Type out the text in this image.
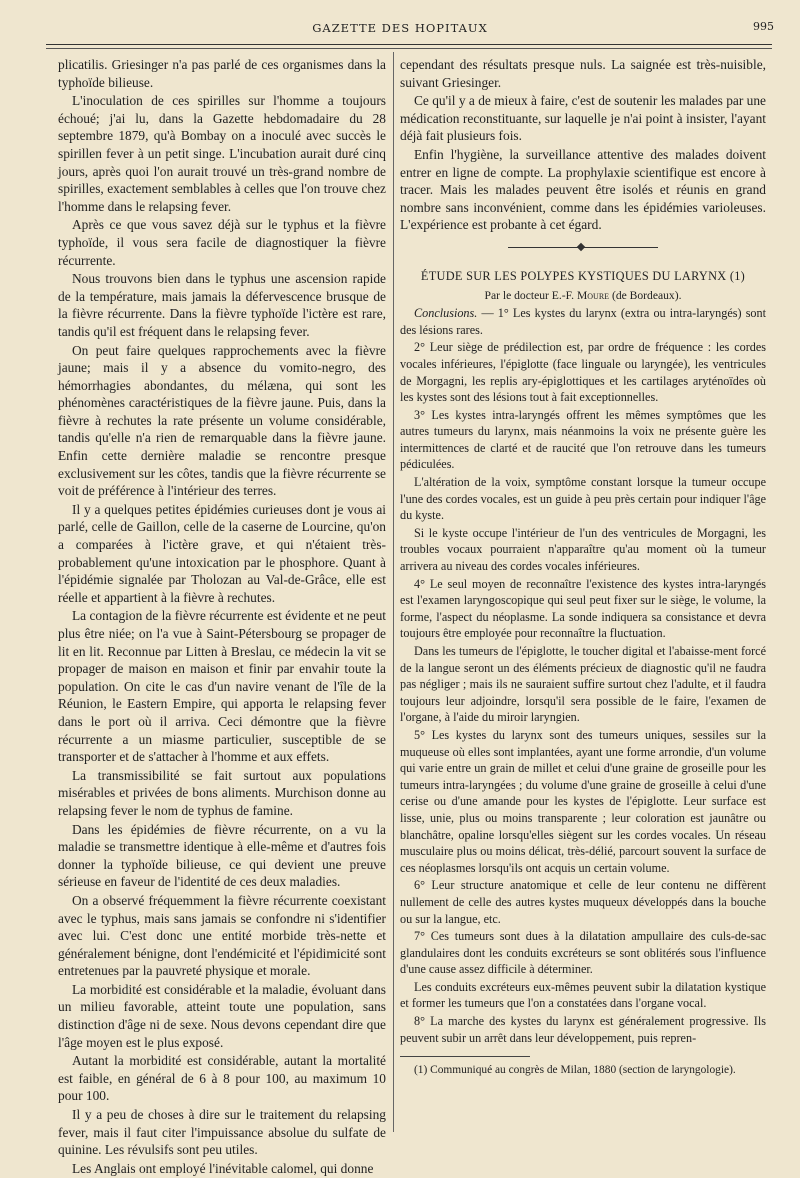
GAZETTE DES HOPITAUX	995

plicatilis. Griesinger n'a pas parlé de ces organismes dans la typhoïde bilieuse.

L'inoculation de ces spirilles sur l'homme a toujours échoué; j'ai lu, dans la Gazette hebdomadaire du 28 septembre 1879, qu'à Bombay on a inoculé avec succès le spirillen fever à un petit singe. L'incubation aurait duré cinq jours, après quoi l'on aurait trouvé un très-grand nombre de spirilles, exactement semblables à celles que l'on trouve chez l'homme dans le relapsing fever.

Après ce que vous savez déjà sur le typhus et la fièvre typhoïde, il vous sera facile de diagnostiquer la fièvre récurrente.

Nous trouvons bien dans le typhus une ascension rapide de la température, mais jamais la défervescence brusque de la fièvre récurrente. Dans la fièvre typhoïde l'ictère est rare, tandis qu'il est fréquent dans le relapsing fever.

On peut faire quelques rapprochements avec la fièvre jaune; mais il y a absence du vomito-negro, des hémorrhagies abondantes, du mélæna, qui sont les phénomènes caractéristiques de la fièvre jaune. Puis, dans la fièvre à rechutes la rate présente un volume considérable, tandis qu'elle n'a rien de remarquable dans la fièvre jaune. Enfin cette dernière maladie se rencontre presque exclusivement sur les côtes, tandis que la fièvre récurrente se voit de préférence à l'intérieur des terres.

Il y a quelques petites épidémies curieuses dont je vous ai parlé, celle de Gaillon, celle de la caserne de Lourcine, qu'on a comparées à l'ictère grave, et qui n'étaient très-probablement qu'une intoxication par le phosphore. Quant à l'épidémie signalée par Tholozan au Val-de-Grâce, elle est réelle et appartient à la fièvre à rechutes.

La contagion de la fièvre récurrente est évidente et ne peut plus être niée; on l'a vue à Saint-Pétersbourg se propager de lit en lit. Reconnue par Litten à Breslau, ce médecin la vit se propager de maison en maison et finir par envahir toute la population. On cite le cas d'un navire venant de l'île de la Réunion, le Eastern Empire, qui apporta le relapsing fever dans le port où il arriva. Ceci démontre que la fièvre récurrente a un miasme particulier, susceptible de se transporter et de s'attacher à l'homme et aux effets.

La transmissibilité se fait surtout aux populations misérables et privées de bons aliments. Murchison donne au relapsing fever le nom de typhus de famine.

Dans les épidémies de fièvre récurrente, on a vu la maladie se transmettre identique à elle-même et d'autres fois donner la typhoïde bilieuse, ce qui devient une preuve sérieuse en faveur de l'identité de ces deux maladies.

On a observé fréquemment la fièvre récurrente coexistant avec le typhus, mais sans jamais se confondre ni s'identifier avec lui. C'est donc une entité morbide très-nette et généralement bénigne, dont l'endémicité et l'épidimicité sont entretenues par la pauvreté physique et morale.

La morbidité est considérable et la maladie, évoluant dans un milieu favorable, atteint toute une population, sans distinction d'âge ni de sexe. Nous devons cependant dire que l'âge moyen est le plus exposé.

Autant la morbidité est considérable, autant la mortalité est faible, en général de 6 à 8 pour 100, au maximum 10 pour 100.

Il y a peu de choses à dire sur le traitement du relapsing fever, mais il faut citer l'impuissance absolue du sulfate de quinine. Les révulsifs sont peu utiles.

Les Anglais ont employé l'inévitable calomel, qui donne

cependant des résultats presque nuls. La saignée est très-nuisible, suivant Griesinger.

Ce qu'il y a de mieux à faire, c'est de soutenir les malades par une médication reconstituante, sur laquelle je n'ai point à insister, l'ayant déjà fait plusieurs fois.

Enfin l'hygiène, la surveillance attentive des malades doivent entrer en ligne de compte. La prophylaxie scientifique est encore à tracer. Mais les malades peuvent être isolés et réunis en grand nombre sans inconvénient, comme dans les épidémies varioleuses. L'expérience est probante à cet égard.

ÉTUDE SUR LES POLYPES KYSTIQUES DU LARYNX (1)

Par le docteur E.-F. Moure (de Bordeaux).

Conclusions. — 1° Les kystes du larynx (extra ou intra-laryngés) sont des lésions rares.

2° Leur siège de prédilection est, par ordre de fréquence : les cordes vocales inférieures, l'épiglotte (face linguale ou laryngée), les ventricules de Morgagni, les replis ary-épiglottiques et les cartilages aryténoïdes où les kystes sont des lésions tout à fait exceptionnelles.

3° Les kystes intra-laryngés offrent les mêmes symptômes que les autres tumeurs du larynx, mais néanmoins la voix ne présente guère les intermittences de clarté et de raucité que l'on retrouve dans les tumeurs pédiculées.

L'altération de la voix, symptôme constant lorsque la tumeur occupe l'une des cordes vocales, est un guide à peu près certain pour indiquer l'âge du kyste.

Si le kyste occupe l'intérieur de l'un des ventricules de Morgagni, les troubles vocaux pourraient n'apparaître qu'au moment où la tumeur arrivera au niveau des cordes vocales inférieures.

4° Le seul moyen de reconnaître l'existence des kystes intra-laryngés est l'examen laryngoscopique qui seul peut fixer sur le siège, le volume, la forme, l'aspect du néoplasme. La sonde indiquera sa consistance et devra toujours être employée pour reconnaître la fluctuation.

Dans les tumeurs de l'épiglotte, le toucher digital et l'abaisse-ment forcé de la langue seront un des éléments précieux de diagnostic qu'il ne faudra pas négliger ; mais ils ne sauraient suffire surtout chez l'adulte, et il faudra toujours leur adjoindre, lorsqu'il sera possible de le faire, l'examen de l'organe, à l'aide du miroir laryngien.

5° Les kystes du larynx sont des tumeurs uniques, sessiles sur la muqueuse où elles sont implantées, ayant une forme arrondie, d'un volume qui varie entre un grain de millet et celui d'une graine de groseille pour les tumeurs intra-laryngées ; du volume d'une graine de groseille à celui d'une cerise ou d'une amande pour les kystes de l'épiglotte. Leur surface est lisse, unie, plus ou moins transparente ; leur coloration est jaunâtre ou blanchâtre, opaline lorsqu'elles siègent sur les cordes vocales. Un réseau musculaire plus ou moins délicat, très-délié, parcourt souvent la surface de ces néoplasmes lorsqu'ils ont acquis un certain volume.

6° Leur structure anatomique et celle de leur contenu ne diffèrent nullement de celle des autres kystes muqueux développés dans la bouche ou sur la langue, etc.

7° Ces tumeurs sont dues à la dilatation ampullaire des culs-de-sac glandulaires dont les conduits excréteurs se sont oblitérés sous l'influence d'une cause assez difficile à déterminer.

Les conduits excréteurs eux-mêmes peuvent subir la dilatation kystique et former les tumeurs que l'on a constatées dans l'organe vocal.

8° La marche des kystes du larynx est généralement progressive. Ils peuvent subir un arrêt dans leur développement, puis repren-

(1) Communiqué au congrès de Milan, 1880 (section de laryngologie).
